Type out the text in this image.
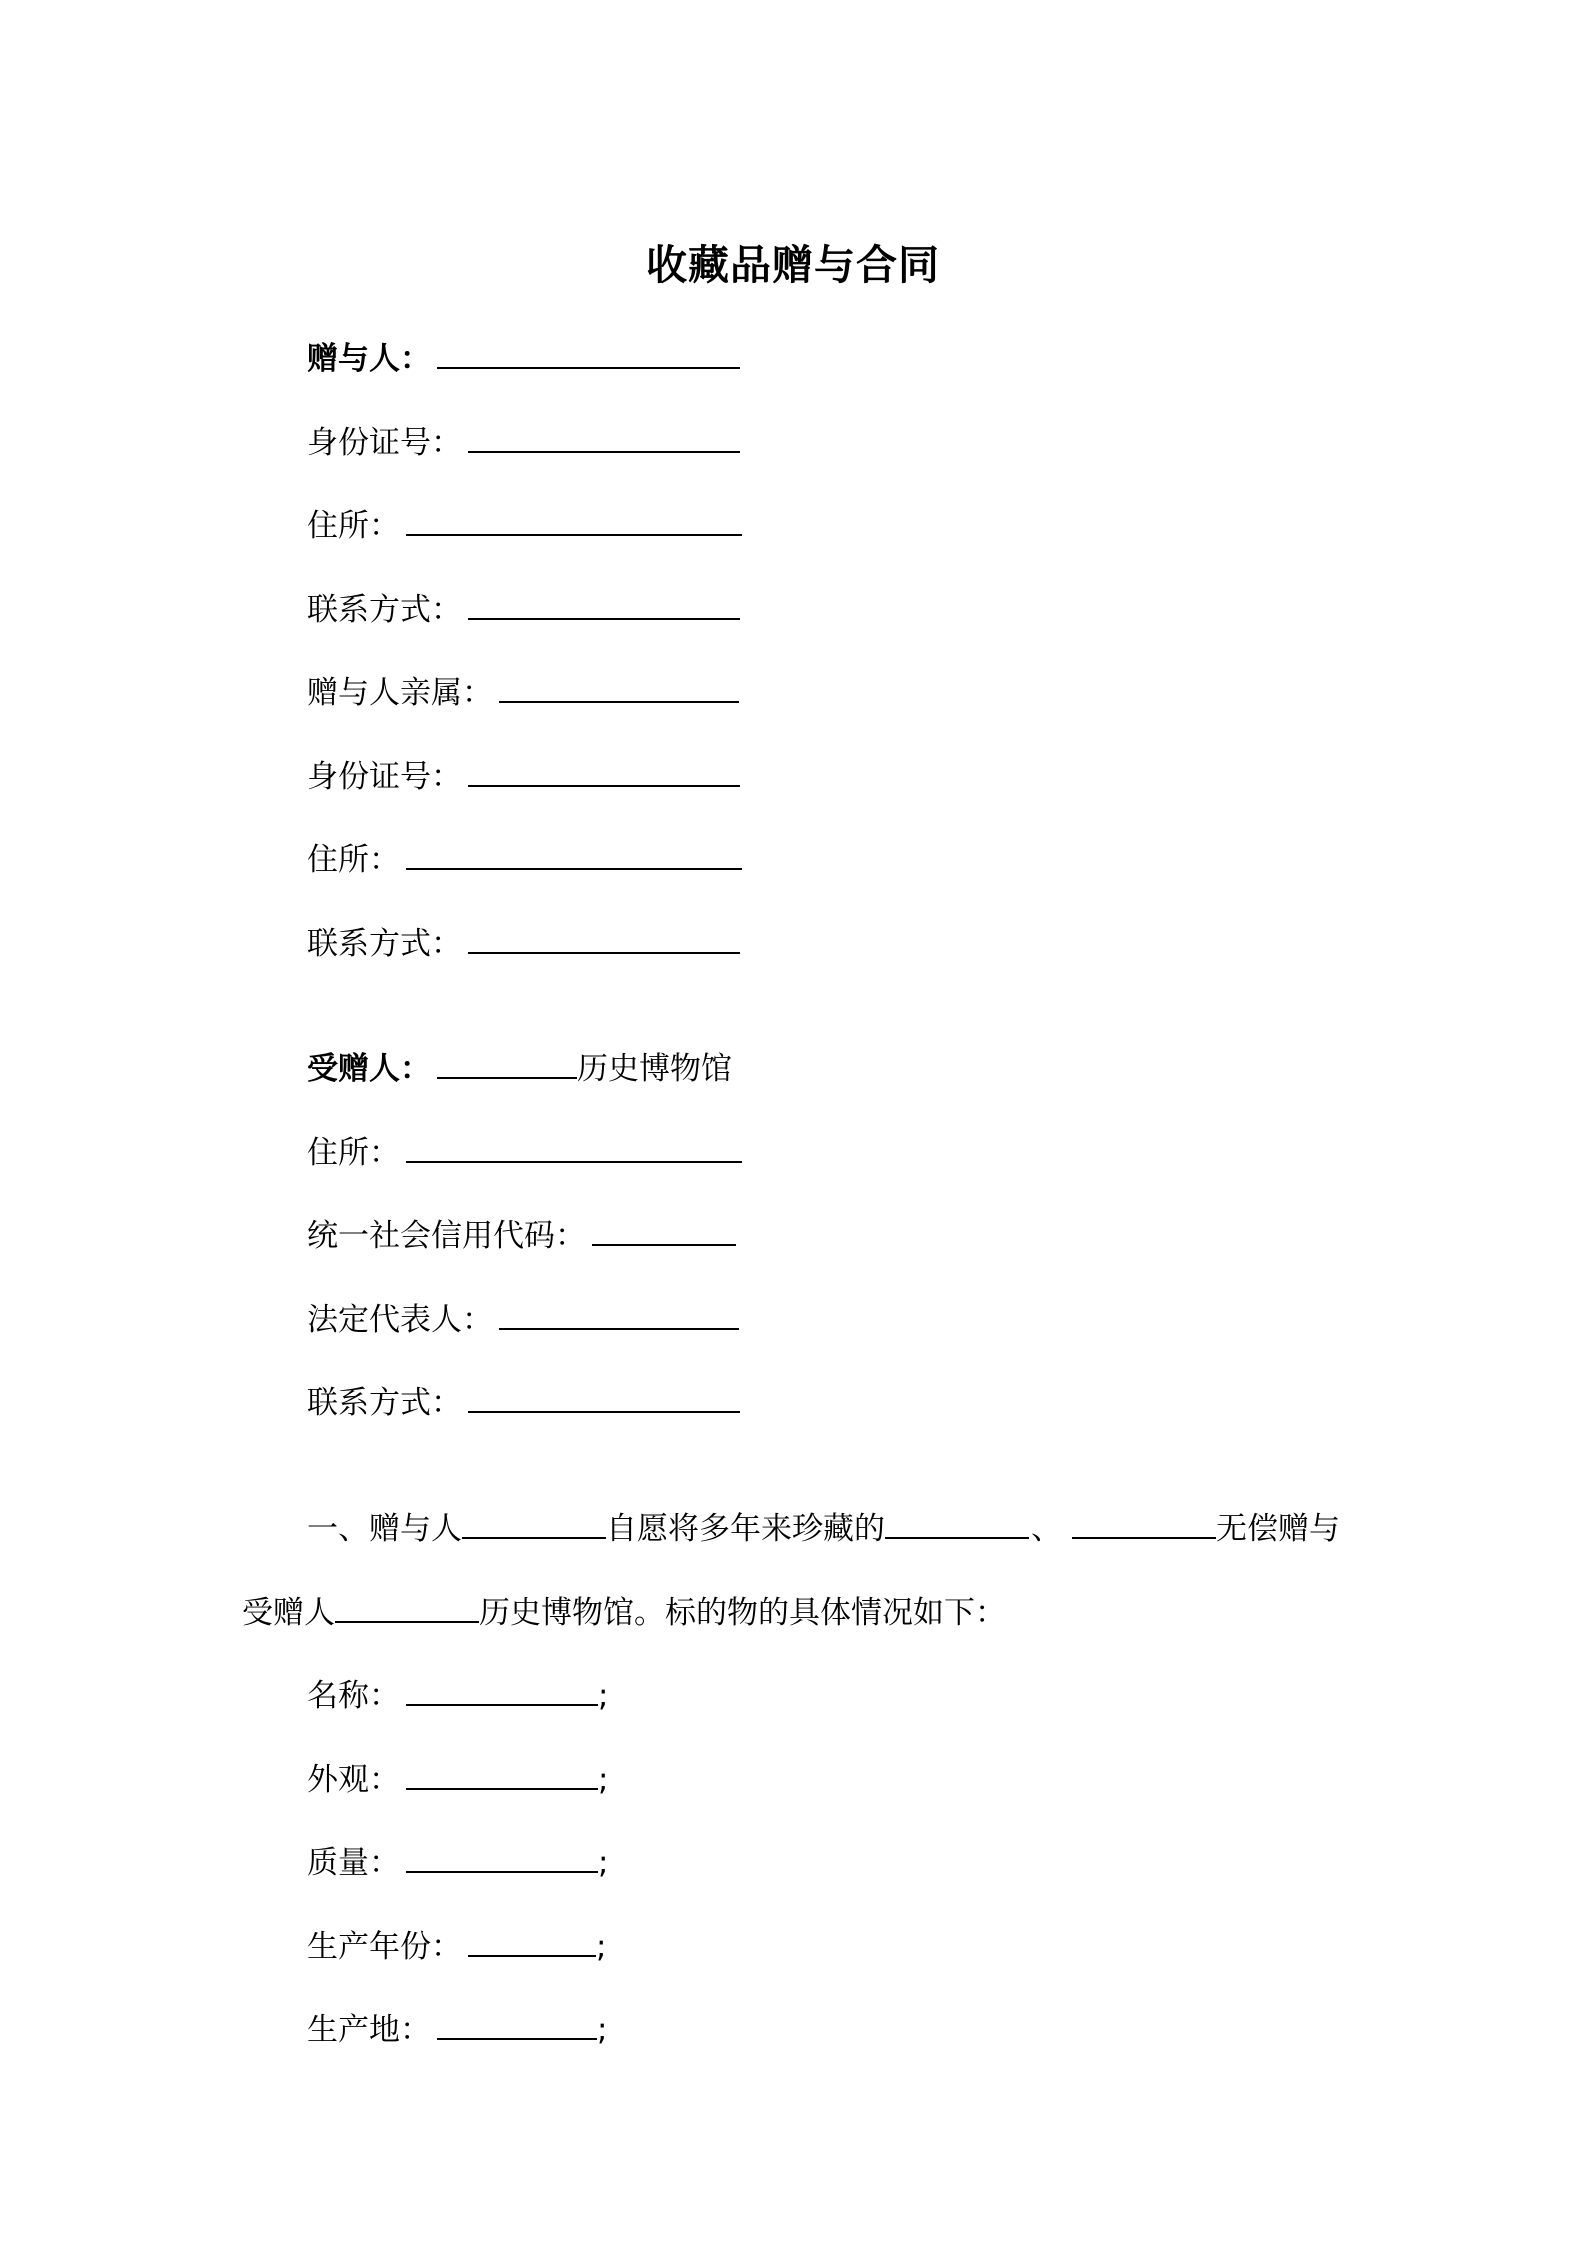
收藏品赠与合同
赠与人：
身份证号：
住所：
联系方式：
赠与人亲属：
身份证号：
住所：
联系方式：
受赠人：	历史博物馆
住所：
统一社会信用代码：
法定代表人：
联系方式：
一、赠与人	自愿将多年来珍藏的	、	无偿赠与
受赠人	历史博物馆。标的物的具体情况如下：
名称：	;
外观：	;
质量：	;
生产年份：	;
生产地：	;
